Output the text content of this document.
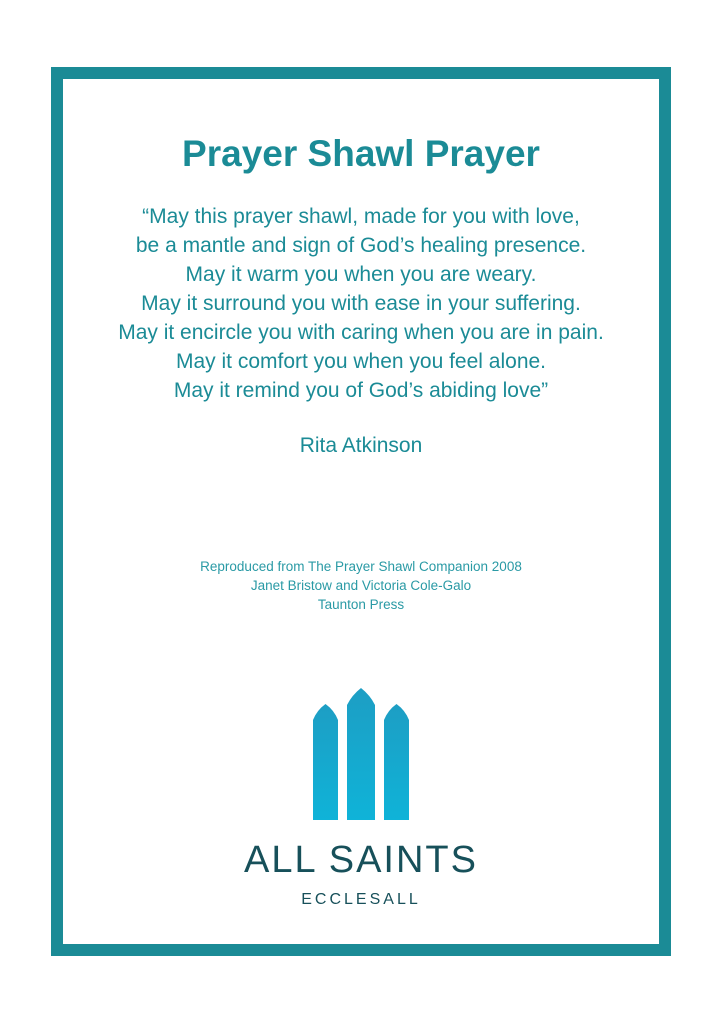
Prayer Shawl Prayer
“May this prayer shawl, made for you with love,
be a mantle and sign of God’s healing presence.
May it warm you when you are weary.
May it surround you with ease in your suffering.
May it encircle you with caring when you are in pain.
May it comfort you when you feel alone.
May it remind you of God’s abiding love”
Rita Atkinson
Reproduced from The Prayer Shawl Companion 2008
Janet Bristow and Victoria Cole-Galo
Taunton Press
ALL SAINTS
ECCLESALL
